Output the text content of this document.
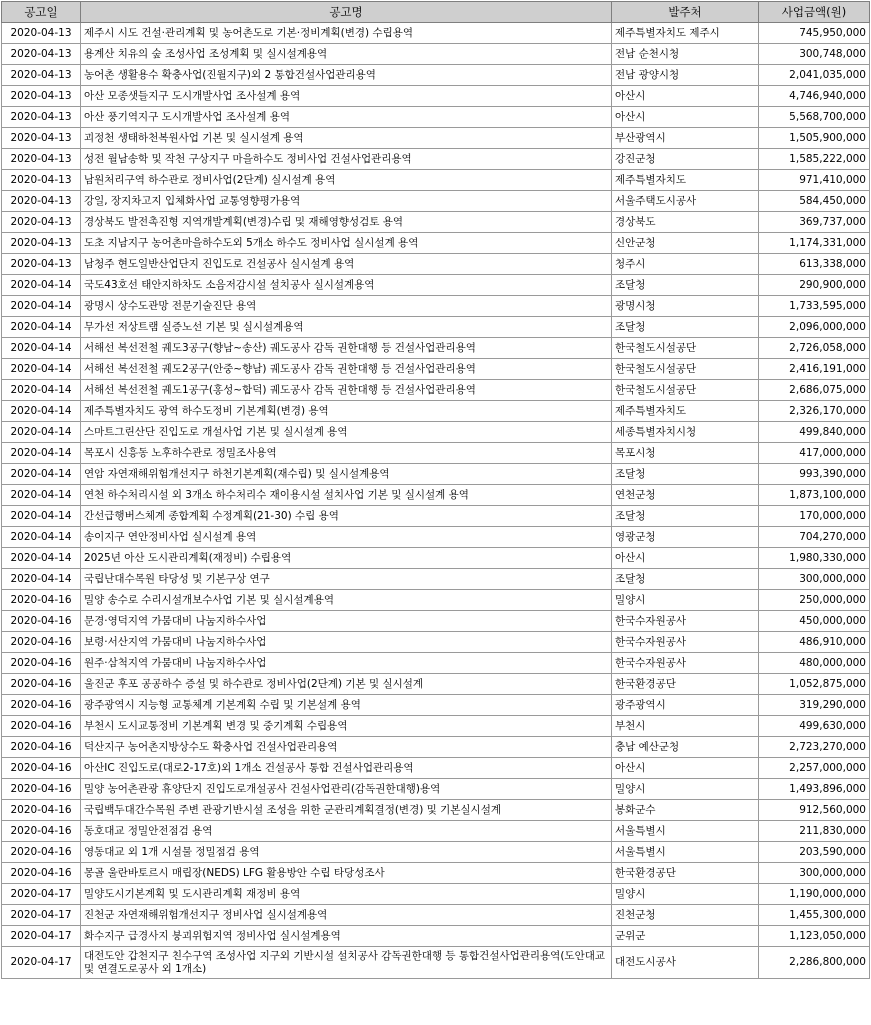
공고일	공고명	발주처	사업금액(원)
2020-04-13	제주시 시도 건설·관리계획 및 농어촌도로 기본·정비계획(변경) 수립용역	제주특별자치도 제주시	745,950,000
2020-04-13	용계산 치유의 숲 조성사업 조성계획 및 실시설계용역	전남 순천시청	300,748,000
2020-04-13	농어촌 생활용수 확충사업(진월지구)외 2 통합건설사업관리용역	전남 광양시청	2,041,035,000
2020-04-13	아산 모종샛들지구 도시개발사업 조사설계 용역	아산시	4,746,940,000
2020-04-13	아산 풍기역지구 도시개발사업 조사설계 용역	아산시	5,568,700,000
2020-04-13	괴정천 생태하천복원사업 기본 및 실시설계 용역	부산광역시	1,505,900,000
2020-04-13	성전 월남송학 및 작천 구상지구 마을하수도 정비사업 건설사업관리용역	강진군청	1,585,222,000
2020-04-13	남원처리구역 하수관로 정비사업(2단계) 실시설계 용역	제주특별자치도	971,410,000
2020-04-13	강일, 장지차고지 입체화사업 교통영향평가용역	서울주택도시공사	584,450,000
2020-04-13	경상북도 발전촉진형 지역개발계획(변경)수립 및 재해영향성검토 용역	경상북도	369,737,000
2020-04-13	도초 지남지구 농어촌마을하수도외 5개소 하수도 정비사업 실시설계 용역	신안군청	1,174,331,000
2020-04-13	남청주 현도일반산업단지 진입도로 건설공사 실시설계 용역	청주시	613,338,000
2020-04-14	국도43호선 태안지하차도 소음저감시설 설치공사 실시설계용역	조달청	290,900,000
2020-04-14	광명시 상수도관망 전문기술진단 용역	광명시청	1,733,595,000
2020-04-14	무가선 저상트램 실증노선 기본 및 실시설계용역	조달청	2,096,000,000
2020-04-14	서해선 복선전철 궤도3공구(향남~송산) 궤도공사 감독 권한대행 등 건설사업관리용역	한국철도시설공단	2,726,058,000
2020-04-14	서해선 복선전철 궤도2공구(안중~향남) 궤도공사 감독 권한대행 등 건설사업관리용역	한국철도시설공단	2,416,191,000
2020-04-14	서해선 복선전철 궤도1공구(홍성~합덕) 궤도공사 감독 권한대행 등 건설사업관리용역	한국철도시설공단	2,686,075,000
2020-04-14	제주특별자치도 광역 하수도정비 기본계획(변경) 용역	제주특별자치도	2,326,170,000
2020-04-14	스마트그린산단 진입도로 개설사업 기본 및 실시설계 용역	세종특별자치시청	499,840,000
2020-04-14	목포시 신흥동 노후하수관로 정밀조사용역	목포시청	417,000,000
2020-04-14	연암 자연재해위험개선지구 하천기본계획(재수립) 및 실시설계용역	조달청	993,390,000
2020-04-14	연천 하수처리시설 외 3개소 하수처리수 재이용시설 설치사업 기본 및 실시설계 용역	연천군청	1,873,100,000
2020-04-14	간선급행버스체계 종합계획 수정계획(21-30) 수립 용역	조달청	170,000,000
2020-04-14	송이지구 연안정비사업 실시설계 용역	영광군청	704,270,000
2020-04-14	2025년 아산 도시관리계획(재정비) 수립용역	아산시	1,980,330,000
2020-04-14	국립난대수목원 타당성 및 기본구상 연구	조달청	300,000,000
2020-04-16	밀양 송수로 수리시설개보수사업 기본 및 실시설계용역	밀양시	250,000,000
2020-04-16	문경·영덕지역 가뭄대비 나눔지하수사업	한국수자원공사	450,000,000
2020-04-16	보령·서산지역 가뭄대비 나눔지하수사업	한국수자원공사	486,910,000
2020-04-16	원주·삼척지역 가뭄대비 나눔지하수사업	한국수자원공사	480,000,000
2020-04-16	울진군 후포 공공하수 증설 및 하수관로 정비사업(2단계) 기본 및 실시설계	한국환경공단	1,052,875,000
2020-04-16	광주광역시 지능형 교통체계 기본계획 수립 및 기본설계 용역	광주광역시	319,290,000
2020-04-16	부천시 도시교통정비 기본계획 변경 및 중기계획 수립용역	부천시	499,630,000
2020-04-16	덕산지구 농어촌지방상수도 확충사업 건설사업관리용역	충남 예산군청	2,723,270,000
2020-04-16	아산IC 진입도로(대로2-17호)외 1개소 건설공사 통합 건설사업관리용역	아산시	2,257,000,000
2020-04-16	밀양 농어촌관광 휴양단지 진입도로개설공사 건설사업관리(감독권한대행)용역	밀양시	1,493,896,000
2020-04-16	국립백두대간수목원 주변 관광기반시설 조성을 위한 군관리계획결정(변경) 및 기본실시설계	봉화군수	912,560,000
2020-04-16	동호대교 정밀안전점검 용역	서울특별시	211,830,000
2020-04-16	영동대교 외 1개 시설물 정밀점검 용역	서울특별시	203,590,000
2020-04-16	몽골 울란바토르시 매립장(NEDS) LFG 활용방안 수립 타당성조사	한국환경공단	300,000,000
2020-04-17	밀양도시기본계획 및 도시관리계획 재정비 용역	밀양시	1,190,000,000
2020-04-17	진천군 자연재해위험개선지구 정비사업 실시설계용역	진천군청	1,455,300,000
2020-04-17	화수지구 급경사지 붕괴위험지역 정비사업 실시설계용역	군위군	1,123,050,000
2020-04-17	대전도안 갑천지구 친수구역 조성사업 지구외 기반시설 설치공사 감독권한대행 등 통합건설사업관리용역(도안대교 및 연결도로공사 외 1개소)	대전도시공사	2,286,800,000
